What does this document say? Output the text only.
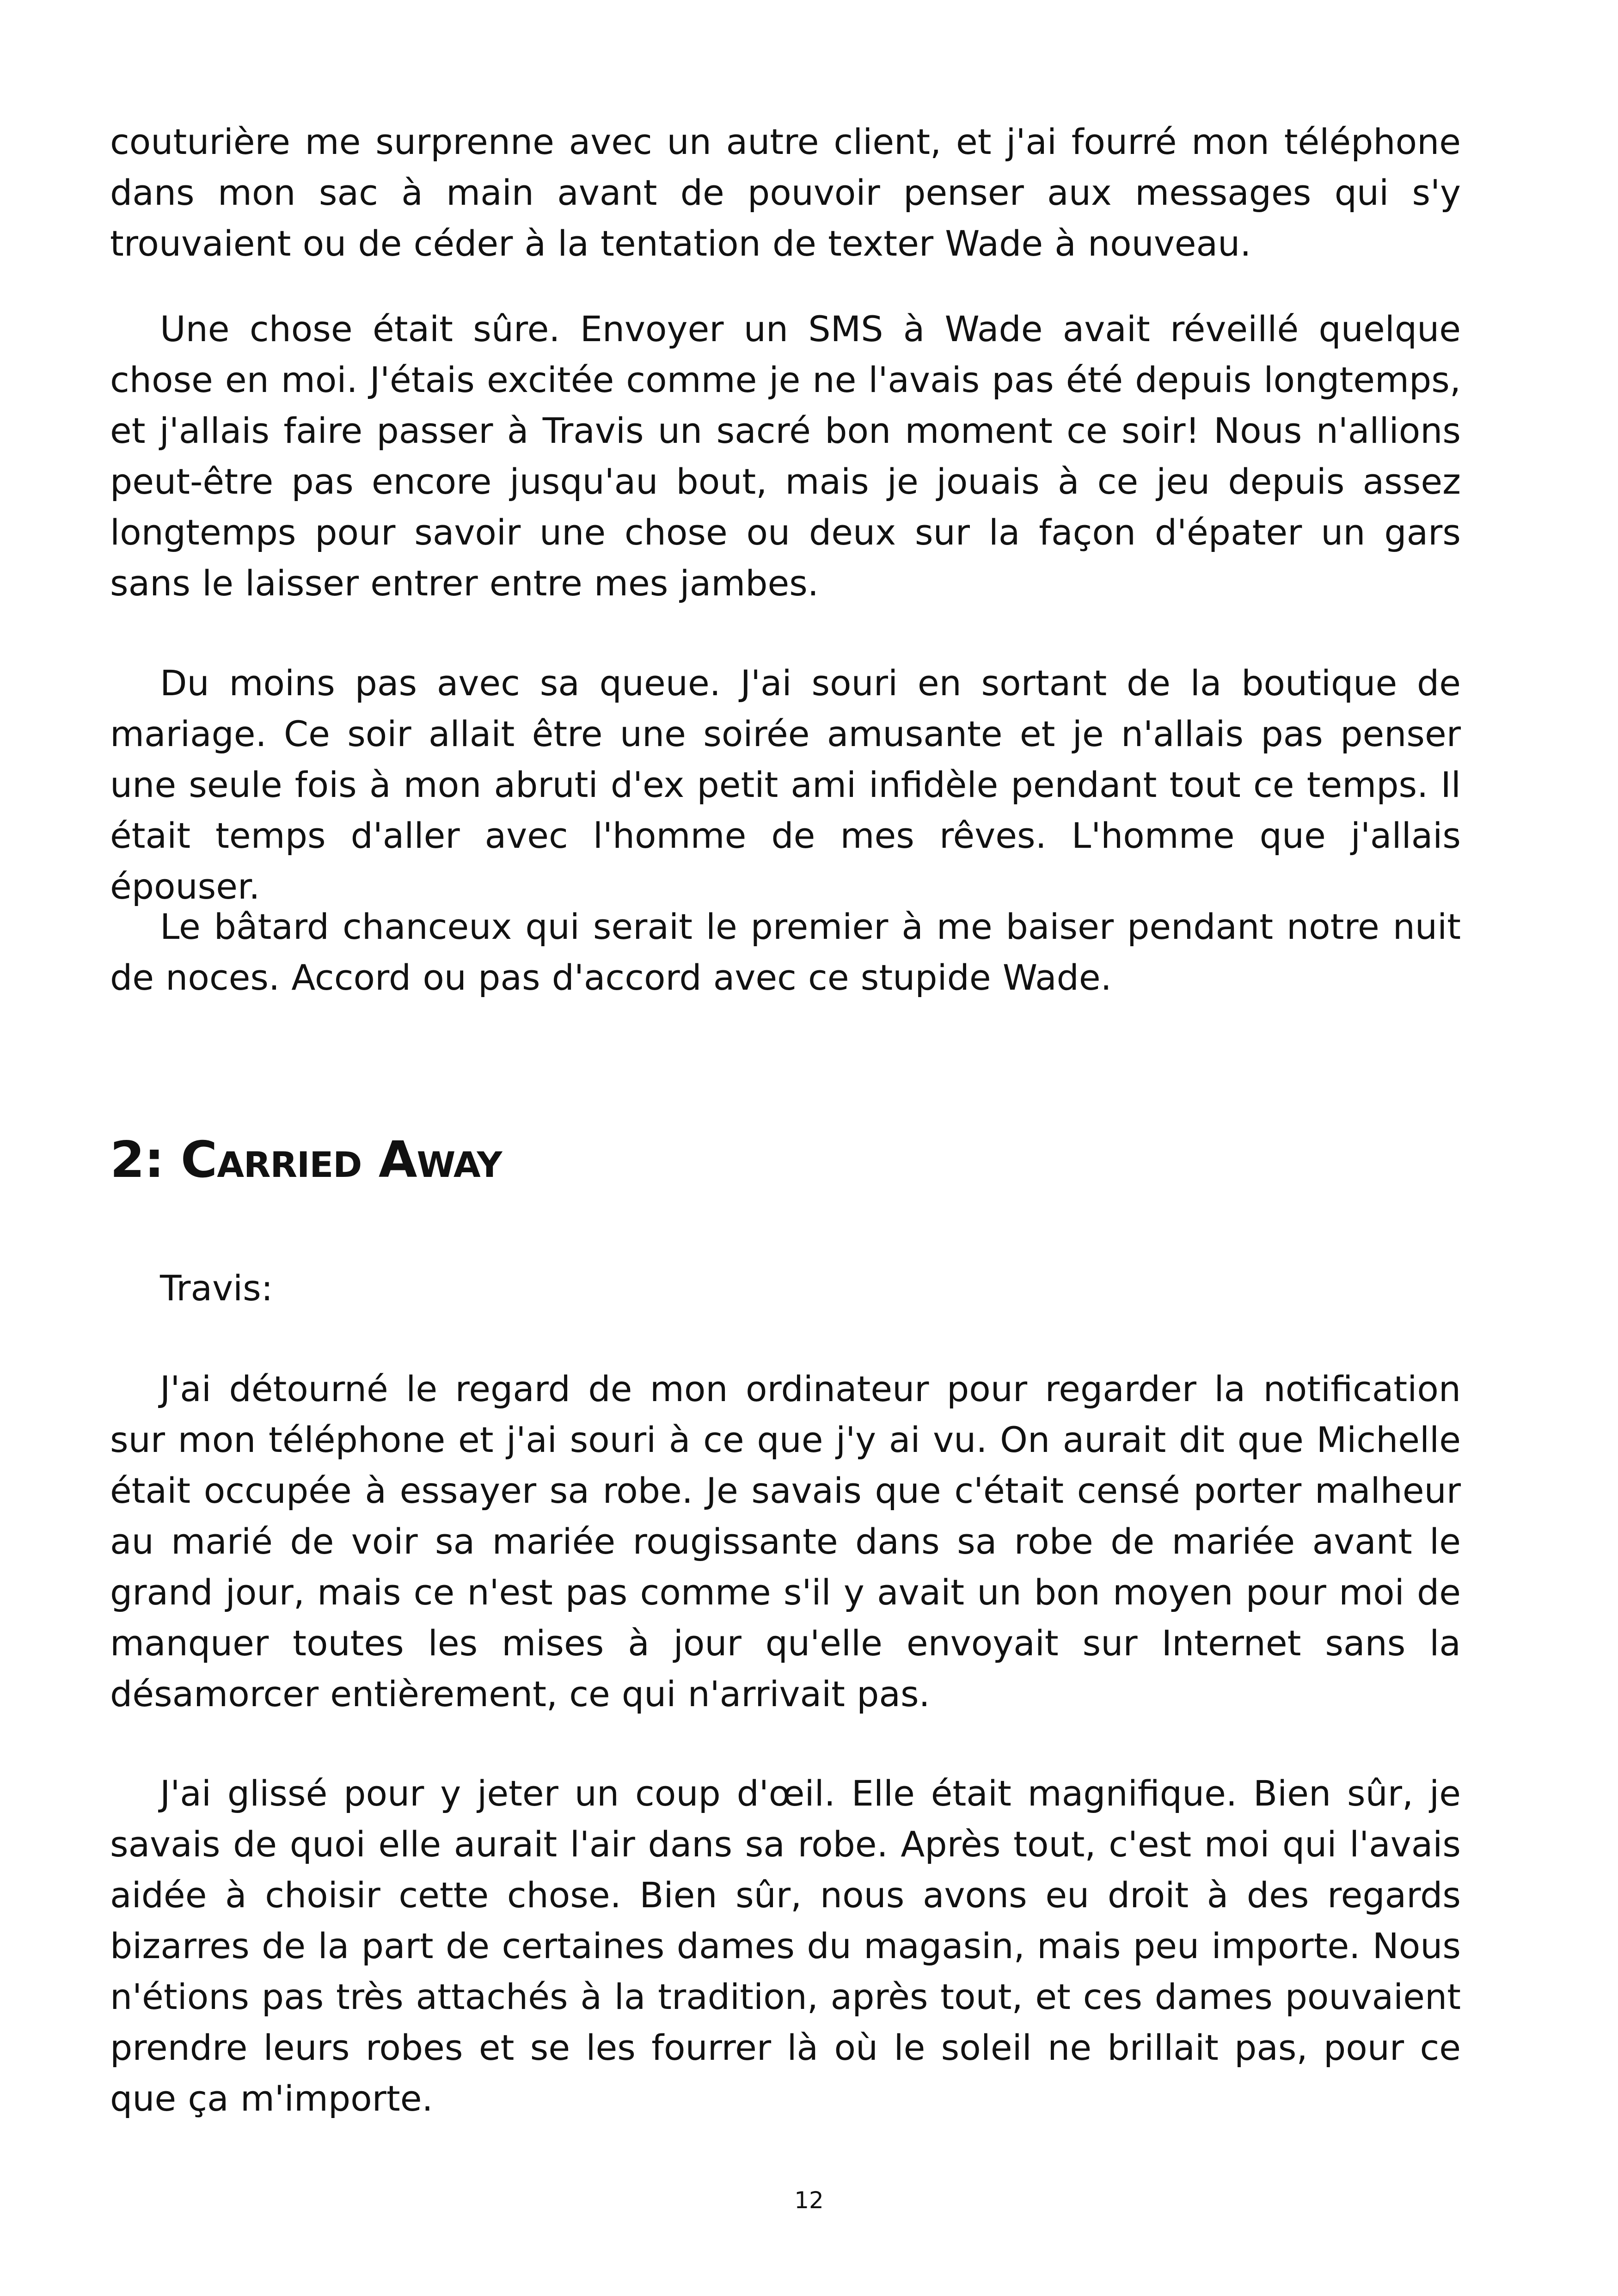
couturière me surprenne avec un autre client, et j'ai fourré mon téléphone dans mon sac à main avant de pouvoir penser aux messages qui s'y trouvaient ou de céder à la tentation de texter Wade à nouveau.

Une chose était sûre. Envoyer un SMS à Wade avait réveillé quelque chose en moi. J'étais excitée comme je ne l'avais pas été depuis longtemps, et j'allais faire passer à Travis un sacré bon moment ce soir! Nous n'allions peut-être pas encore jusqu'au bout, mais je jouais à ce jeu depuis assez longtemps pour savoir une chose ou deux sur la façon d'épater un gars sans le laisser entrer entre mes jambes.

Du moins pas avec sa queue. J'ai souri en sortant de la boutique de mariage. Ce soir allait être une soirée amusante et je n'allais pas penser une seule fois à mon abruti d'ex petit ami infidèle pendant tout ce temps. Il était temps d'aller avec l'homme de mes rêves. L'homme que j'allais épouser.

Le bâtard chanceux qui serait le premier à me baiser pendant notre nuit de noces. Accord ou pas d'accord avec ce stupide Wade.

2: Carried Away

Travis:

J'ai détourné le regard de mon ordinateur pour regarder la notification sur mon téléphone et j'ai souri à ce que j'y ai vu. On aurait dit que Michelle était occupée à essayer sa robe. Je savais que c'était censé porter malheur au marié de voir sa mariée rougissante dans sa robe de mariée avant le grand jour, mais ce n'est pas comme s'il y avait un bon moyen pour moi de manquer toutes les mises à jour qu'elle envoyait sur Internet sans la désamorcer entièrement, ce qui n'arrivait pas.

J'ai glissé pour y jeter un coup d'œil. Elle était magnifique. Bien sûr, je savais de quoi elle aurait l'air dans sa robe. Après tout, c'est moi qui l'avais aidée à choisir cette chose. Bien sûr, nous avons eu droit à des regards bizarres de la part de certaines dames du magasin, mais peu importe. Nous n'étions pas très attachés à la tradition, après tout, et ces dames pouvaient prendre leurs robes et se les fourrer là où le soleil ne brillait pas, pour ce que ça m'importe.

12
